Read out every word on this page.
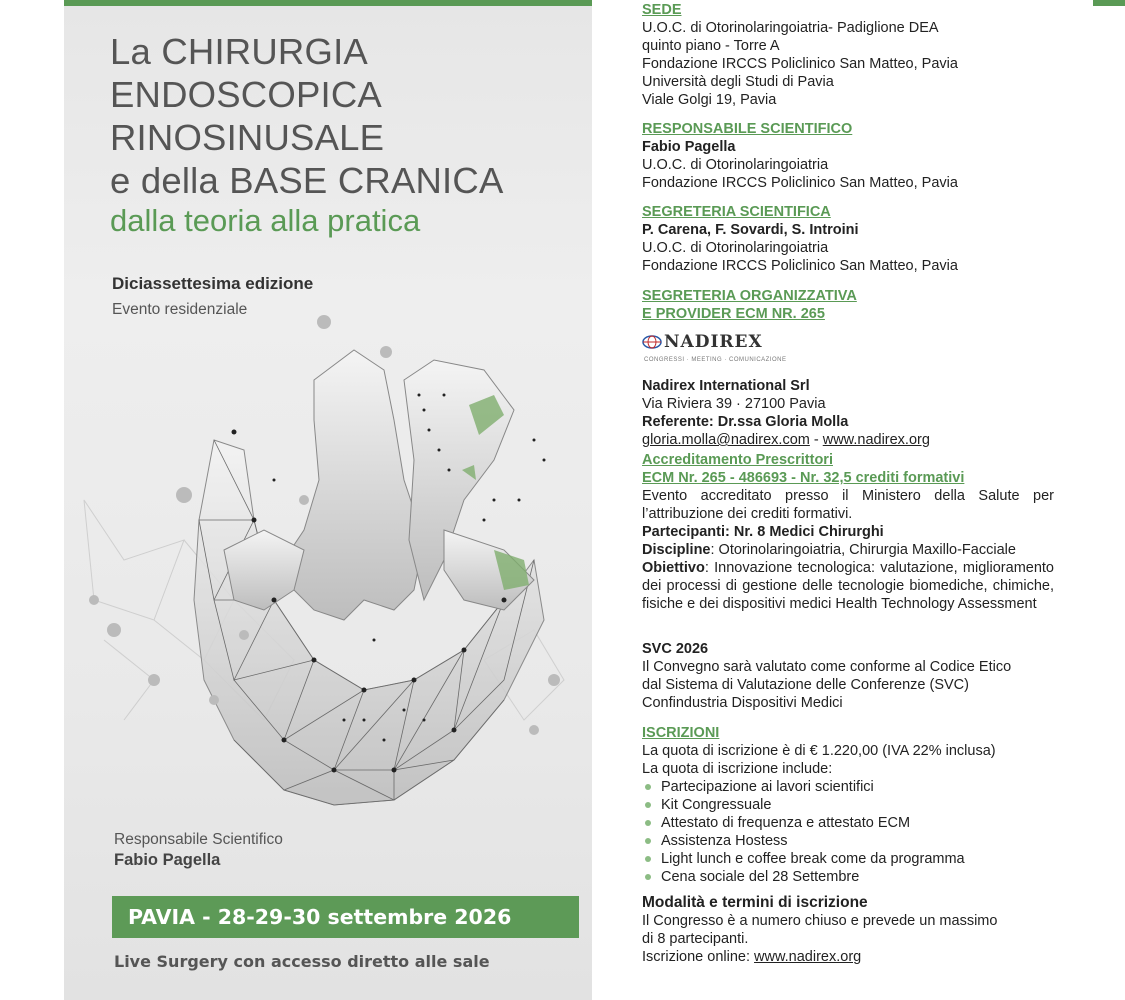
La CHIRURGIA
ENDOSCOPICA
RINOSINUSALE
e della BASE CRANICA
dalla teoria alla pratica
Diciassettesima edizione
Evento residenziale
Responsabile Scientifico
Fabio Pagella
PAVIA - 28-29-30 settembre 2026
Live Surgery con accesso diretto alle sale
SEDE
U.O.C. di Otorinolaringoiatria- Padiglione DEA
quinto piano - Torre A
Fondazione IRCCS Policlinico San Matteo, Pavia
Università degli Studi di Pavia
Viale Golgi 19, Pavia
RESPONSABILE SCIENTIFICO
Fabio Pagella
U.O.C. di Otorinolaringoiatria
Fondazione IRCCS Policlinico San Matteo, Pavia
SEGRETERIA SCIENTIFICA
P. Carena, F. Sovardi, S. Introini
U.O.C. di Otorinolaringoiatria
Fondazione IRCCS Policlinico San Matteo, Pavia
SEGRETERIA ORGANIZZATIVA
E PROVIDER ECM NR. 265
NADIREX
CONGRESSI · MEETING · COMUNICAZIONE
Nadirex International Srl
Via Riviera 39 · 27100 Pavia
Referente: Dr.ssa Gloria Molla
gloria.molla@nadirex.com - www.nadirex.org
Accreditamento Prescrittori
ECM Nr. 265 - 486693 - Nr. 32,5 crediti formativi
Evento accreditato presso il Ministero della Salute per l’attribuzione dei crediti formativi.
Partecipanti: Nr. 8 Medici Chirurghi
Discipline: Otorinolaringoiatria, Chirurgia Maxillo-Facciale
Obiettivo: Innovazione tecnologica: valutazione, miglioramento dei processi di gestione delle tecnologie biomediche, chimiche, fisiche e dei dispositivi medici Health Technology Assessment
SVC 2026
Il Convegno sarà valutato come conforme al Codice Etico
dal Sistema di Valutazione delle Conferenze (SVC)
Confindustria Dispositivi Medici
ISCRIZIONI
La quota di iscrizione è di € 1.220,00 (IVA 22% inclusa)
La quota di iscrizione include:
Partecipazione ai lavori scientifici
Kit Congressuale
Attestato di frequenza e attestato ECM
Assistenza Hostess
Light lunch e coffee break come da programma
Cena sociale del 28 Settembre
Modalità e termini di iscrizione
Il Congresso è a numero chiuso e prevede un massimo
di 8 partecipanti.
Iscrizione online: www.nadirex.org
